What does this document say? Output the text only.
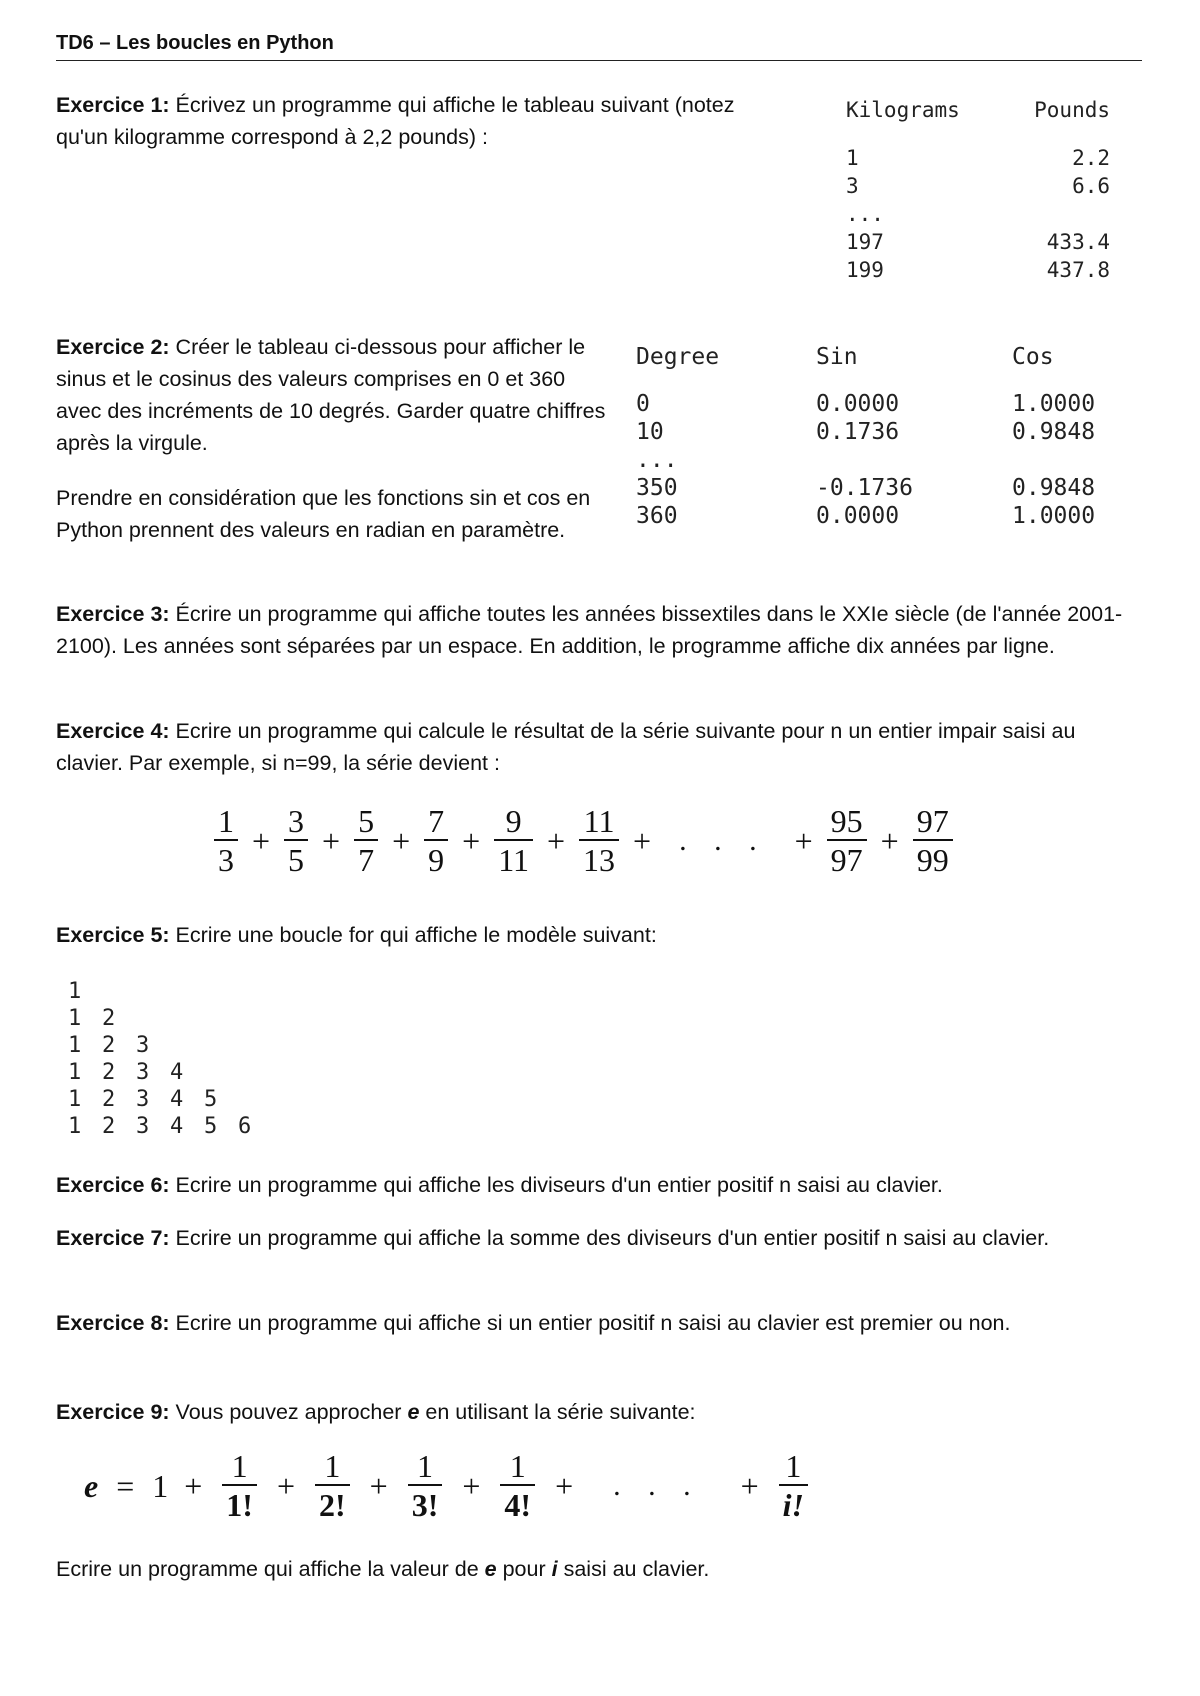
TD6 – Les boucles en Python

Exercice 1: Écrivez un programme qui affiche le tableau suivant (notez qu'un kilogramme correspond à 2,2 pounds) :

Kilograms	Pounds
1	2.2
3	6.6
...	
197	433.4
199	437.8

Exercice 2: Créer le tableau ci-dessous pour afficher le sinus et le cosinus des valeurs comprises en 0 et 360 avec des incréments de 10 degrés. Garder quatre chiffres après la virgule.

Prendre en considération que les fonctions sin et cos en Python prennent des valeurs en radian en paramètre.

Degree	Sin	Cos
0	0.0000	1.0000
10	0.1736	0.9848
...		
350	-0.1736	0.9848
360	0.0000	1.0000

Exercice 3: Écrire un programme qui affiche toutes les années bissextiles dans le XXIe siècle (de l'année 2001-2100). Les années sont séparées par un espace. En addition, le programme affiche dix années par ligne.

Exercice 4: Ecrire un programme qui calcule le résultat de la série suivante pour n un entier impair saisi au clavier. Par exemple, si n=99, la série devient :

$\frac{1}{3} + \frac{3}{5} + \frac{5}{7} + \frac{7}{9} + \frac{9}{11} + \frac{11}{13}$ + . . . + $\frac{95}{97} + \frac{97}{99}$

Exercice 5: Ecrire une boucle for qui affiche le modèle suivant:

1
1 2
1 2 3
1 2 3 4
1 2 3 4 5
1 2 3 4 5 6

Exercice 6: Ecrire un programme qui affiche les diviseurs d'un entier positif n saisi au clavier.

Exercice 7: Ecrire un programme qui affiche la somme des diviseurs d'un entier positif n saisi au clavier.

Exercice 8: Ecrire un programme qui affiche si un entier positif n saisi au clavier est premier ou non.

Exercice 9: Vous pouvez approcher e en utilisant la série suivante:

$e = 1 + \frac{1}{1!} + \frac{1}{2!} + \frac{1}{3!} + \frac{1}{4!}$ + . . . + $\frac{1}{i!}$

Ecrire un programme qui affiche la valeur de e pour i saisi au clavier.
